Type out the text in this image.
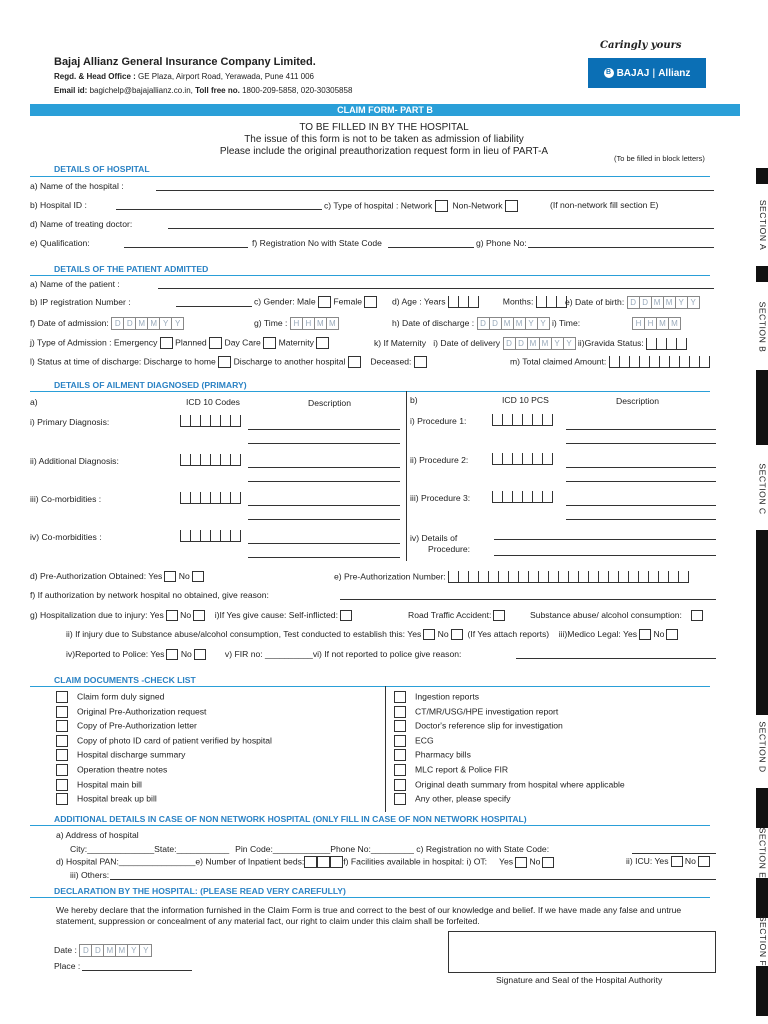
Bajaj Allianz General Insurance Company Limited.
Regd. & Head Office : GE Plaza, Airport Road, Yerawada, Pune 411 006
Email id: bagichelp@bajajallianz.co.in, Toll free no. 1800-209-5858, 020-30305858
Caringly yours
B BAJAJ | Allianz
CLAIM FORM- PART B
TO BE FILLED IN BY THE HOSPITAL
The issue of this form is not to be taken as admission of liability
Please include the original preauthorization request form in lieu of PART-A
(To be filled in block letters)
SECTION A
SECTION B
SECTION C
SECTION D
SECTION E
SECTION F
DETAILS OF HOSPITAL
a) Name of the hospital :
b) Hospital ID :	c) Type of hospital : Network Non-Network	(If non-network fill section E)
d) Name of treating doctor:
e) Qualification:	f) Registration No with State Code	g) Phone No:
DETAILS OF THE PATIENT ADMITTED
a) Name of the patient :
b) IP registration Number :	c) Gender: Male Female	d) Age : Years	Months:	e) Date of birth: D D M M Y Y
f) Date of admission: D D M M Y Y	g) Time : H H M M	h) Date of discharge : D D M M Y Y i) Time:	H H M M
j) Type of Admission : Emergency Planned Day Care Maternity	k) If Maternity i) Date of delivery D D M M Y Y ii)Gravida Status:
l) Status at time of discharge: Discharge to home Discharge to another hospital	Deceased:	m) Total claimed Amount:
DETAILS OF AILMENT DIAGNOSED (PRIMARY)
a)	ICD 10 Codes	Description	b)	ICD 10 PCS	Description
i) Primary Diagnosis:
ii) Additional Diagnosis:
iii) Co-morbidities :
iv) Co-morbidities :
i) Procedure 1:
ii) Procedure 2:
iii) Procedure 3:
iv) Details of
Procedure:
d) Pre-Authorization Obtained: Yes No	e) Pre-Authorization Number:
f) If authorization by network hospital no obtained, give reason:
g) Hospitalization due to injury: Yes No	i)If Yes give cause: Self-inflicted:	Road Traffic Accident:	Substance abuse/ alcohol consumption:
ii) If injury due to Substance abuse/alcohol consumption, Test conducted to establish this: Yes No (If Yes attach reports) iii)Medico Legal: Yes No
iv)Reported to Police: Yes No	v) FIR no: __________vi) If not reported to police give reason:
CLAIM DOCUMENTS -CHECK LIST
Claim form duly signed	Ingestion reports
Original Pre-Authorization request	CT/MR/USG/HPE investigation report
Copy of Pre-Authorization letter	Doctor's reference slip for investigation
Copy of photo ID card of patient verified by hospital	ECG
Hospital discharge summary	Pharmacy bills
Operation theatre notes	MLC report & Police FIR
Hospital main bill	Original death summary from hospital where applicable
Hospital break up bill	Any other, please specify
ADDITIONAL DETAILS IN CASE OF NON NETWORK HOSPITAL (ONLY FILL IN CASE OF NON NETWORK HOSPITAL)
a) Address of hospital
City:______________State:___________ Pin Code:____________Phone No:_________ c) Registration no with State Code:
d) Hospital PAN:________________e) Number of Inpatient beds:	f) Facilities available in hospital: i) OT: Yes No	ii) ICU: Yes No
iii) Others:
DECLARATION BY THE HOSPITAL: (PLEASE READ VERY CAREFULLY)
We hereby declare that the information furnished in the Claim Form is true and correct to the best of our knowledge and belief. If we have made any false and untrue
statement, suppression or concealment of any material fact, our right to claim under this claim shall be forfeited.
Date : D D M M Y Y
Place :
Signature and Seal of the Hospital Authority
